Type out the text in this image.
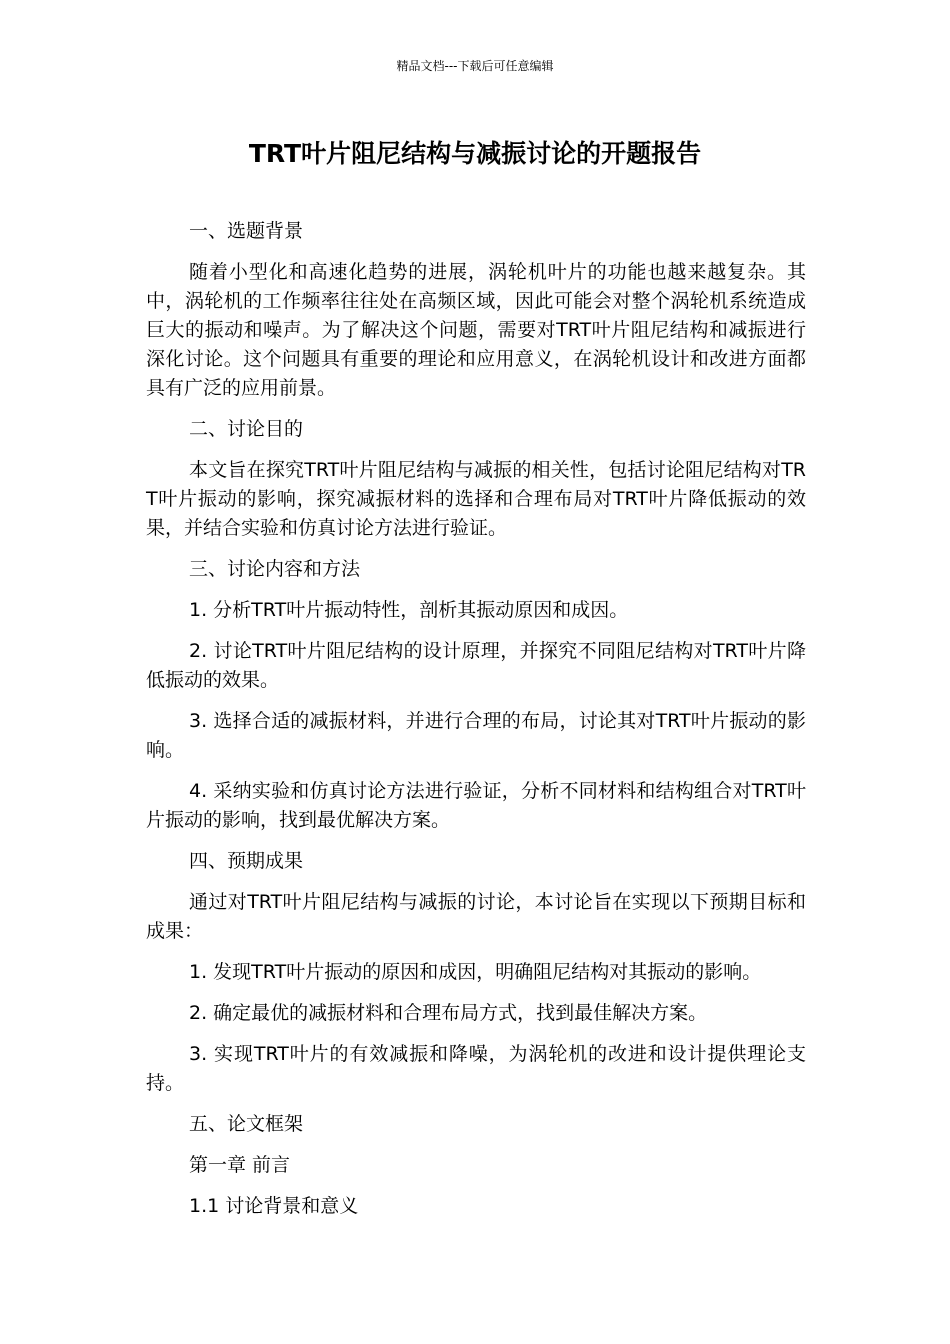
精品文档---下载后可任意编辑
TRT叶片阻尼结构与减振讨论的开题报告

一、选题背景

随着小型化和高速化趋势的进展，涡轮机叶片的功能也越来越复杂。其中，涡轮机的工作频率往往处在高频区域，因此可能会对整个涡轮机系统造成巨大的振动和噪声。为了解决这个问题，需要对TRT叶片阻尼结构和减振进行深化讨论。这个问题具有重要的理论和应用意义，在涡轮机设计和改进方面都具有广泛的应用前景。

二、讨论目的

本文旨在探究TRT叶片阻尼结构与减振的相关性，包括讨论阻尼结构对TRT叶片振动的影响，探究减振材料的选择和合理布局对TRT叶片降低振动的效果，并结合实验和仿真讨论方法进行验证。

三、讨论内容和方法

1. 分析TRT叶片振动特性，剖析其振动原因和成因。

2. 讨论TRT叶片阻尼结构的设计原理，并探究不同阻尼结构对TRT叶片降低振动的效果。

3. 选择合适的减振材料，并进行合理的布局，讨论其对TRT叶片振动的影响。

4. 采纳实验和仿真讨论方法进行验证，分析不同材料和结构组合对TRT叶片振动的影响，找到最优解决方案。

四、预期成果

通过对TRT叶片阻尼结构与减振的讨论，本讨论旨在实现以下预期目标和成果：

1. 发现TRT叶片振动的原因和成因，明确阻尼结构对其振动的影响。

2. 确定最优的减振材料和合理布局方式，找到最佳解决方案。

3. 实现TRT叶片的有效减振和降噪，为涡轮机的改进和设计提供理论支持。

五、论文框架

第一章 前言

1.1 讨论背景和意义
